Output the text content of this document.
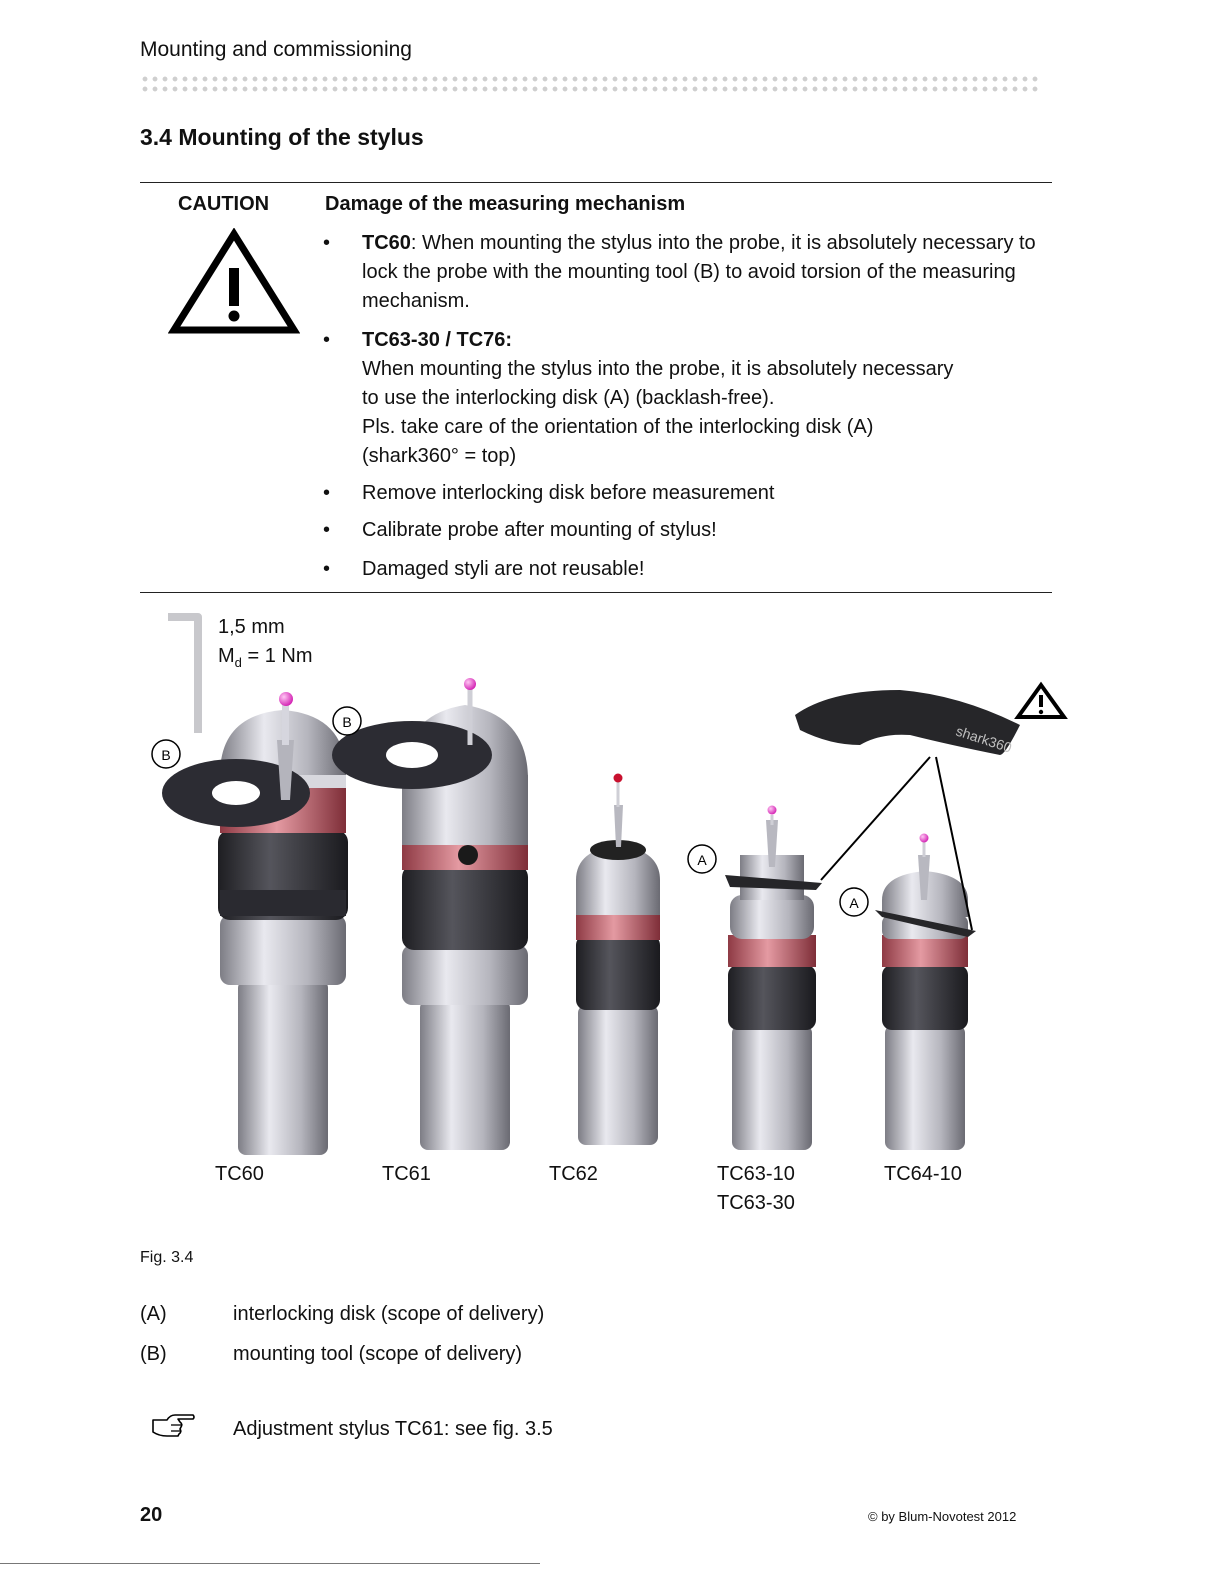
Mounting and commissioning
3.4 Mounting of the stylus
CAUTION	Damage of the measuring mechanism
• TC60: When mounting the stylus into the probe, it is absolutely necessary to lock the probe with the mounting tool (B) to avoid torsion of the measuring mechanism.
• TC63-30 / TC76:
When mounting the stylus into the probe, it is absolutely necessary
to use the interlocking disk (A) (backlash-free).
Pls. take care of the orientation of the interlocking disk (A)
(shark360° = top)
• Remove interlocking disk before measurement
• Calibrate probe after mounting of stylus!
• Damaged styli are not reusable!
1,5 mm
$M_d = 1$ Nm
shark360
B
B
A
A
TC60	TC61	TC62	TC63-10
TC63-30
TC64-10
Fig. 3.4
(A)	interlocking disk (scope of delivery)
(B)	mounting tool (scope of delivery)
Adjustment stylus TC61: see fig. 3.5
20	© by Blum-Novotest 2012
